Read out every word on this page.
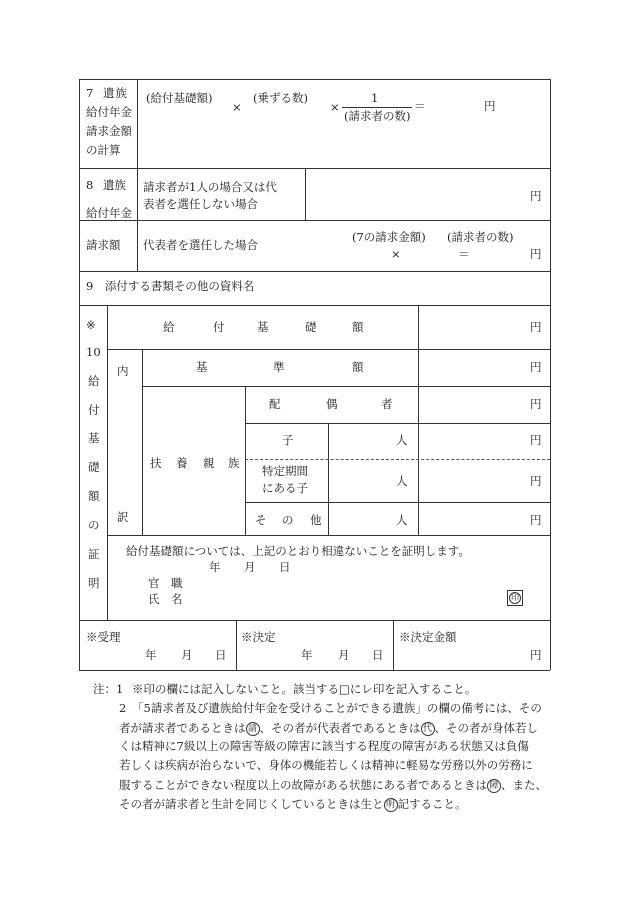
7 遺族
給付年金
請求金額
の計算
(給付基礎額)
×
(乗ずる数)
×
1
(請求者の数)
＝	円
8 遺族
給付年金
請求額
請求者が1人の場合又は代
表者を選任しない場合
円
代表者を選任した場合
(7の請求金額) (請求者の数)
×	＝	円
9　添付する書類その他の資料名
※
10
給
付
基
礎
額
の
証
明
給	付	基	礎	額	円
内
訳
基	準	額	円
扶 養 親 族
配	偶	者	円
子	人	円
特定期間
にある子	人	円
そ の 他	人	円
給付基礎額については、上記のとおり相違ないことを証明します。
年 月 日
官 職
氏 名	印
※受理
年 月 日
※決定
年 月 日
※決定金額
円
注：1 ※印の欄には記入しないこと。該当する□にレ印を記入すること。
2 「5請求者及び遺族給付年金を受けることができる遺族」の欄の備考には、その
者が請求者であるときは 請 、その者が代表者であるときは 代 、その者が身体若し
くは精神に7級以上の障害等級の障害に該当する程度の障害がある状態又は負傷
若しくは疾病が治らないで、身体の機能若しくは精神に軽易な労務以外の労務に
服することができない程度以上の故障がある状態にある者であるときは 障 、また、
その者が請求者と生計を同じくしているときは生と 明 記すること。
